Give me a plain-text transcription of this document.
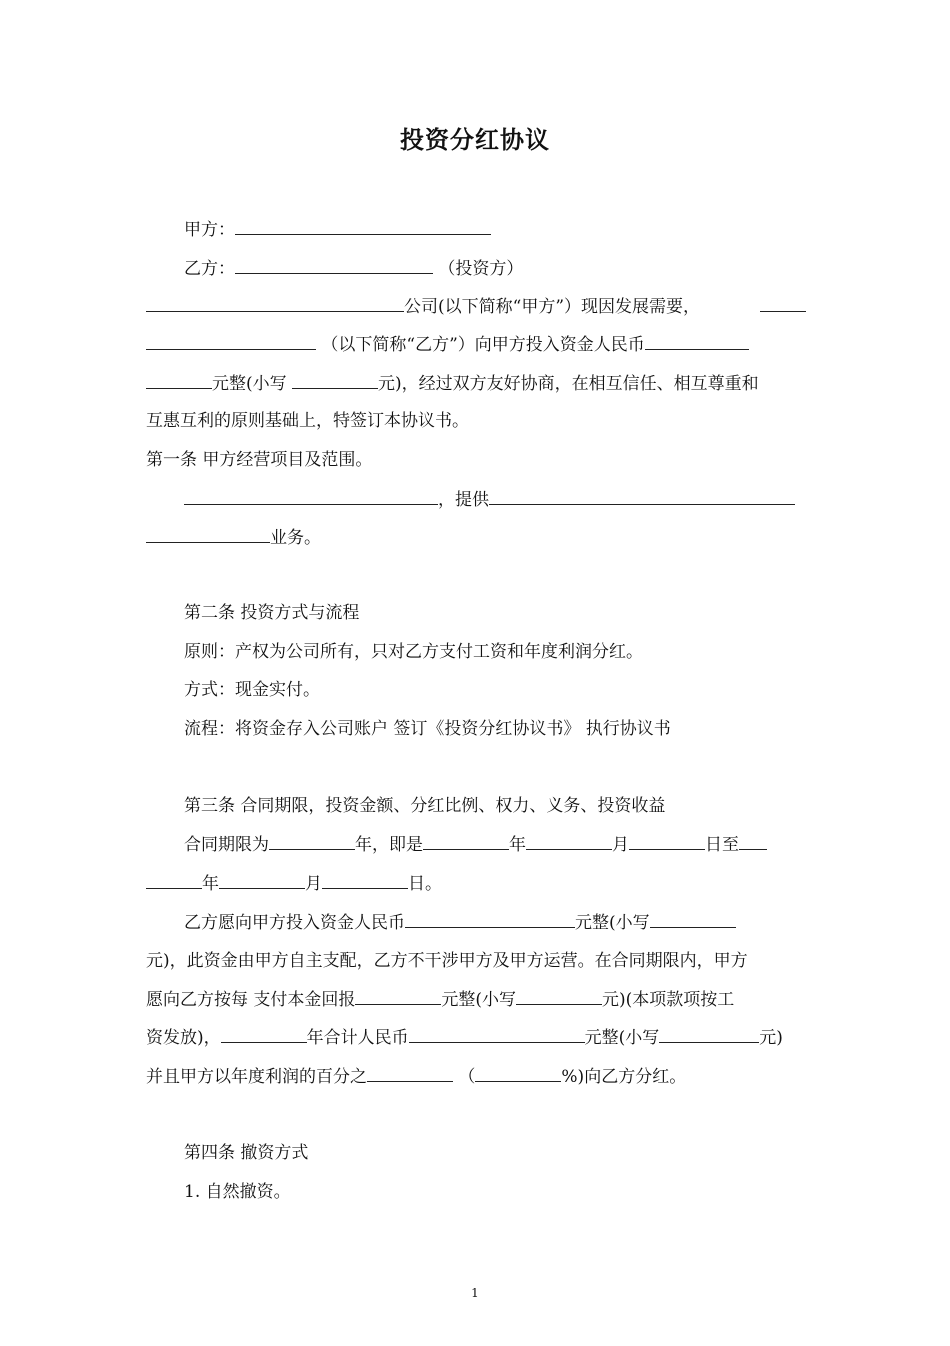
投资分红协议
甲方：
乙方：	（投资方）
公司(以下简称“甲方”）现因发展需要，
（以下简称“乙方”）向甲方投入资金人民币
元整(小写	元)，经过双方友好协商，在相互信任、相互尊重和
互惠互利的原则基础上，特签订本协议书。
第一条 甲方经营项目及范围。
，提供
业务。
第二条 投资方式与流程
原则：产权为公司所有，只对乙方支付工资和年度利润分红。
方式：现金实付。
流程：将资金存入公司账户 签订《投资分红协议书》 执行协议书
第三条 合同期限，投资金额、分红比例、权力、义务、投资收益
合同期限为	年，即是	年	月	日至
年	月	日。
乙方愿向甲方投入资金人民币	元整(小写
元)，此资金由甲方自主支配，乙方不干涉甲方及甲方运营。在合同期限内，甲方
愿向乙方按每 支付本金回报	元整(小写	元)(本项款项按工
资发放)，	年合计人民币	元整(小写	元)
并且甲方以年度利润的百分之	（	%)向乙方分红。
第四条 撤资方式
1. 自然撤资。
1
